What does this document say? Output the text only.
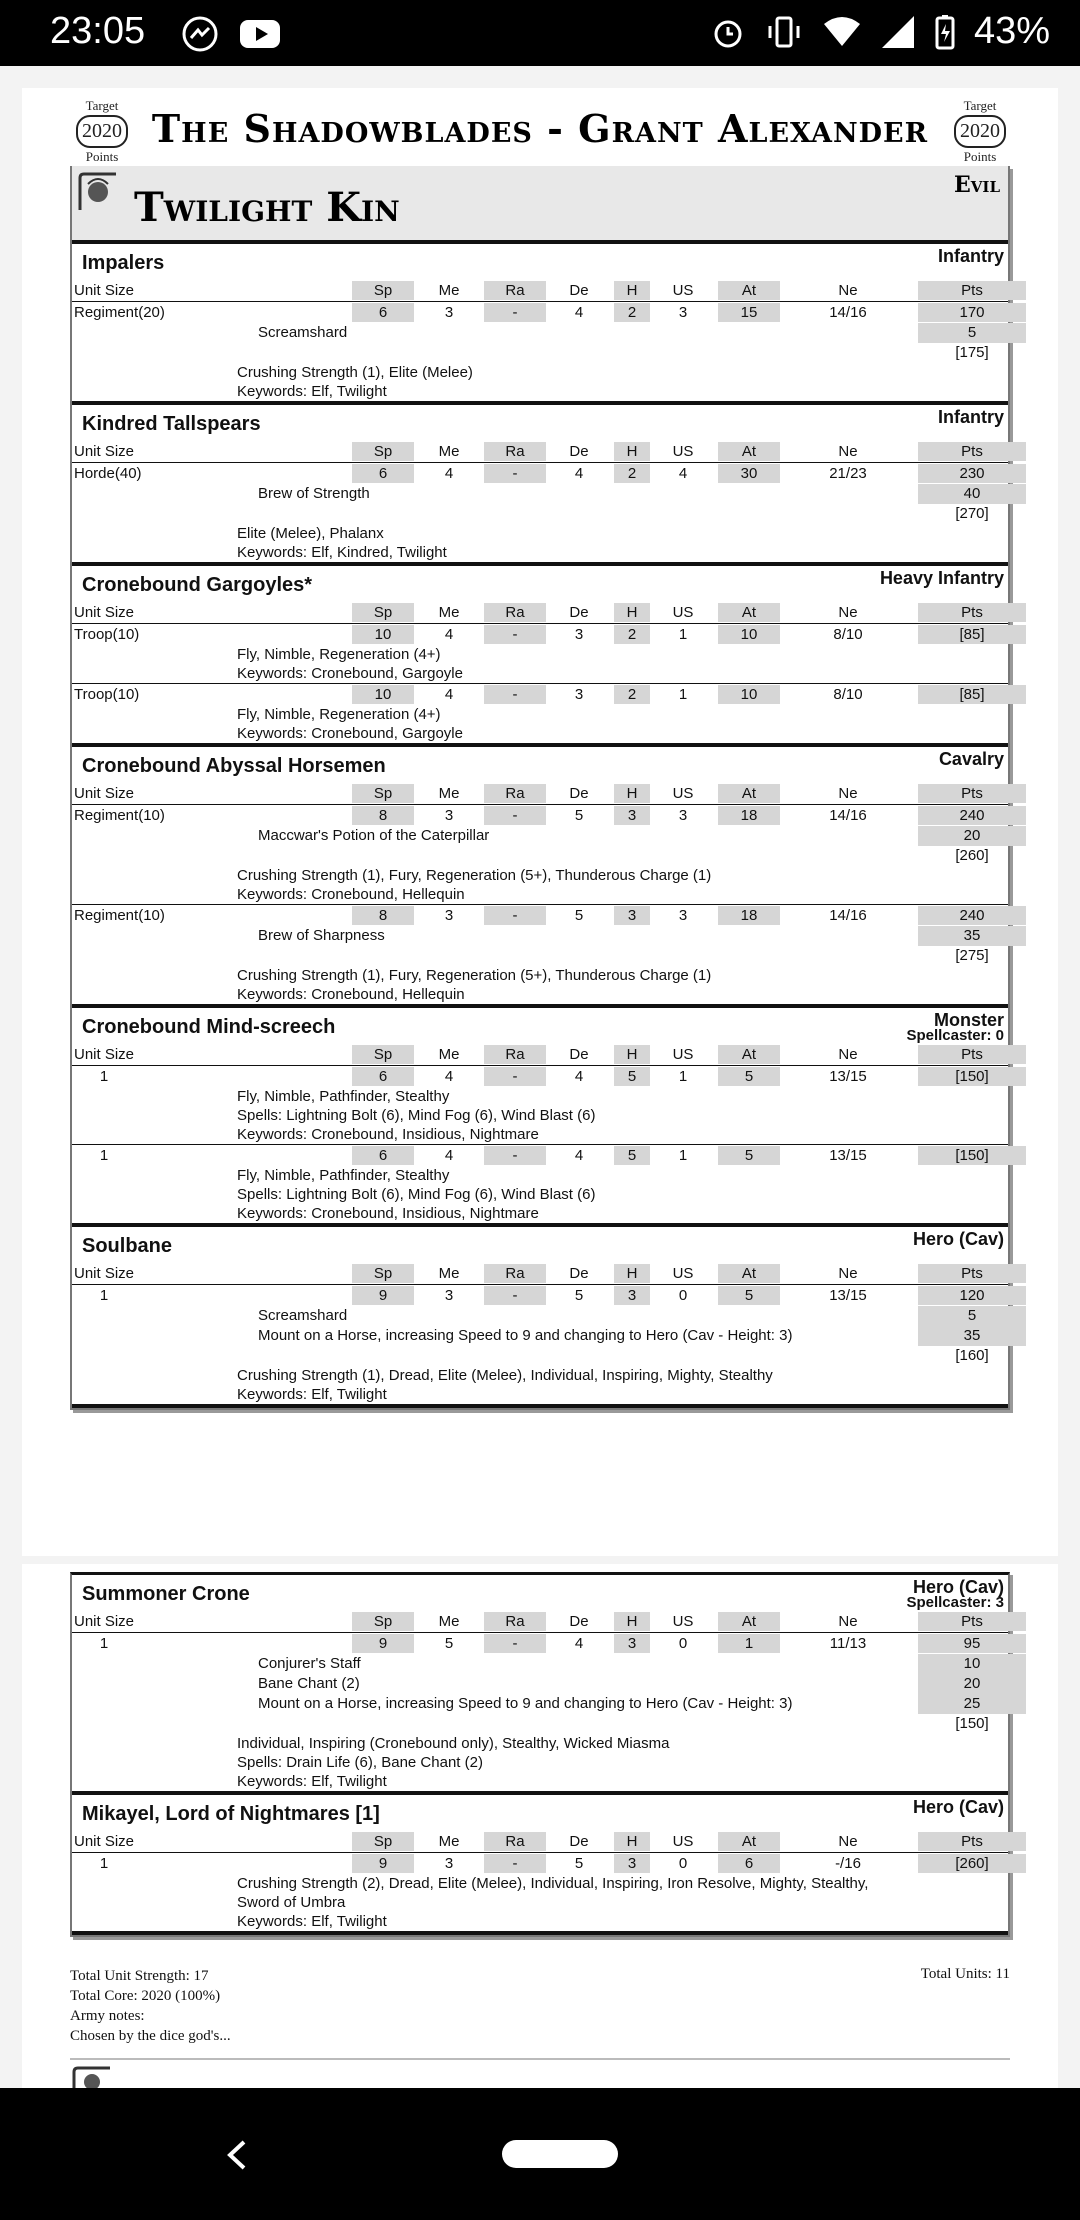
23:05	43%
Target
2020
Points
Target
2020
Points
The Shadowblades - Grant Alexander
Twilight Kin	Evil
Impalers	Infantry
Unit Size	Sp	Me	Ra	De	H	US	At	Ne	Pts
Regiment(20)	6	3	-	4	2	3	15	14/16	170
Screamshard	5
[175]
Crushing Strength (1), Elite (Melee)
Keywords: Elf, Twilight
Kindred Tallspears	Infantry
Unit Size	Sp	Me	Ra	De	H	US	At	Ne	Pts
Horde(40)	6	4	-	4	2	4	30	21/23	230
Brew of Strength	40
[270]
Elite (Melee), Phalanx
Keywords: Elf, Kindred, Twilight
Cronebound Gargoyles*	Heavy Infantry
Unit Size	Sp	Me	Ra	De	H	US	At	Ne	Pts
Troop(10)	10	4	-	3	2	1	10	8/10	[85]
Fly, Nimble, Regeneration (4+)
Keywords: Cronebound, Gargoyle
Troop(10)	10	4	-	3	2	1	10	8/10	[85]
Fly, Nimble, Regeneration (4+)
Keywords: Cronebound, Gargoyle
Cronebound Abyssal Horsemen	Cavalry
Unit Size	Sp	Me	Ra	De	H	US	At	Ne	Pts
Regiment(10)	8	3	-	5	3	3	18	14/16	240
Maccwar's Potion of the Caterpillar	20
[260]
Crushing Strength (1), Fury, Regeneration (5+), Thunderous Charge (1)
Keywords: Cronebound, Hellequin
Regiment(10)	8	3	-	5	3	3	18	14/16	240
Brew of Sharpness	35
[275]
Crushing Strength (1), Fury, Regeneration (5+), Thunderous Charge (1)
Keywords: Cronebound, Hellequin
Cronebound Mind-screech	Monster
Spellcaster: 0
Unit Size	Sp	Me	Ra	De	H	US	At	Ne	Pts
1	6	4	-	4	5	1	5	13/15	[150]
Fly, Nimble, Pathfinder, Stealthy
Spells: Lightning Bolt (6), Mind Fog (6), Wind Blast (6)
Keywords: Cronebound, Insidious, Nightmare
1	6	4	-	4	5	1	5	13/15	[150]
Fly, Nimble, Pathfinder, Stealthy
Spells: Lightning Bolt (6), Mind Fog (6), Wind Blast (6)
Keywords: Cronebound, Insidious, Nightmare
Soulbane	Hero (Cav)
Unit Size	Sp	Me	Ra	De	H	US	At	Ne	Pts
1	9	3	-	5	3	0	5	13/15	120
Screamshard	5
Mount on a Horse, increasing Speed to 9 and changing to Hero (Cav - Height: 3)	35
[160]
Crushing Strength (1), Dread, Elite (Melee), Individual, Inspiring, Mighty, Stealthy
Keywords: Elf, Twilight
Summoner Crone	Hero (Cav)
Spellcaster: 3
Unit Size	Sp	Me	Ra	De	H	US	At	Ne	Pts
1	9	5	-	4	3	0	1	11/13	95
Conjurer's Staff	10
Bane Chant (2)	20
Mount on a Horse, increasing Speed to 9 and changing to Hero (Cav - Height: 3)	25
[150]
Individual, Inspiring (Cronebound only), Stealthy, Wicked Miasma
Spells: Drain Life (6), Bane Chant (2)
Keywords: Elf, Twilight
Mikayel, Lord of Nightmares [1]	Hero (Cav)
Unit Size	Sp	Me	Ra	De	H	US	At	Ne	Pts
1	9	3	-	5	3	0	6	-/16	[260]
Crushing Strength (2), Dread, Elite (Melee), Individual, Inspiring, Iron Resolve, Mighty, Stealthy,
Sword of Umbra
Keywords: Elf, Twilight
Total Unit Strength: 17
Total Core: 2020 (100%)
Army notes:
Chosen by the dice god's...
Total Units: 11
